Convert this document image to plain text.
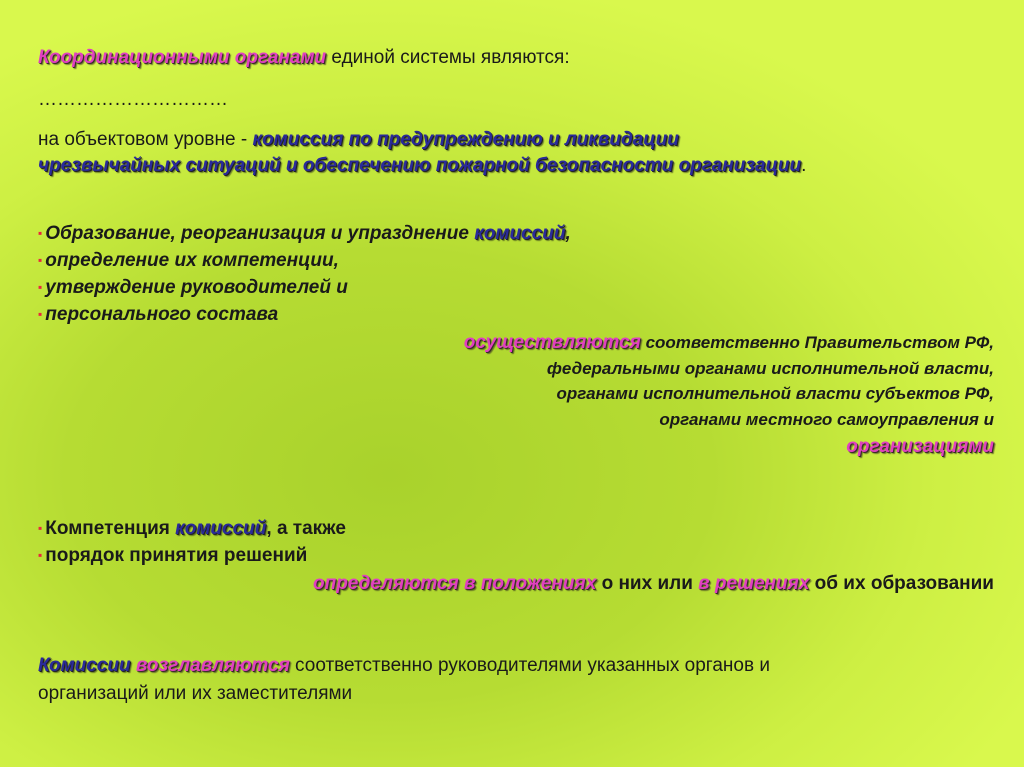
Координационными органами единой системы являются:
…………………………
на объектовом уровне - комиссия по предупреждению и ликвидации
чрезвычайных ситуаций и обеспечению пожарной безопасности организации.
▪ Образование, реорганизация и упразднение комиссий,
▪ определение их компетенции,
▪ утверждение руководителей и
▪ персонального состава
осуществляются соответственно Правительством РФ,
федеральными органами исполнительной власти,
органами исполнительной власти субъектов РФ,
органами местного самоуправления и
организациями
▪ Компетенция комиссий, а также
▪ порядок принятия решений
определяются в положениях о них или в решениях об их образовании
Комиссии возглавляются соответственно руководителями указанных органов и
организаций или их заместителями
